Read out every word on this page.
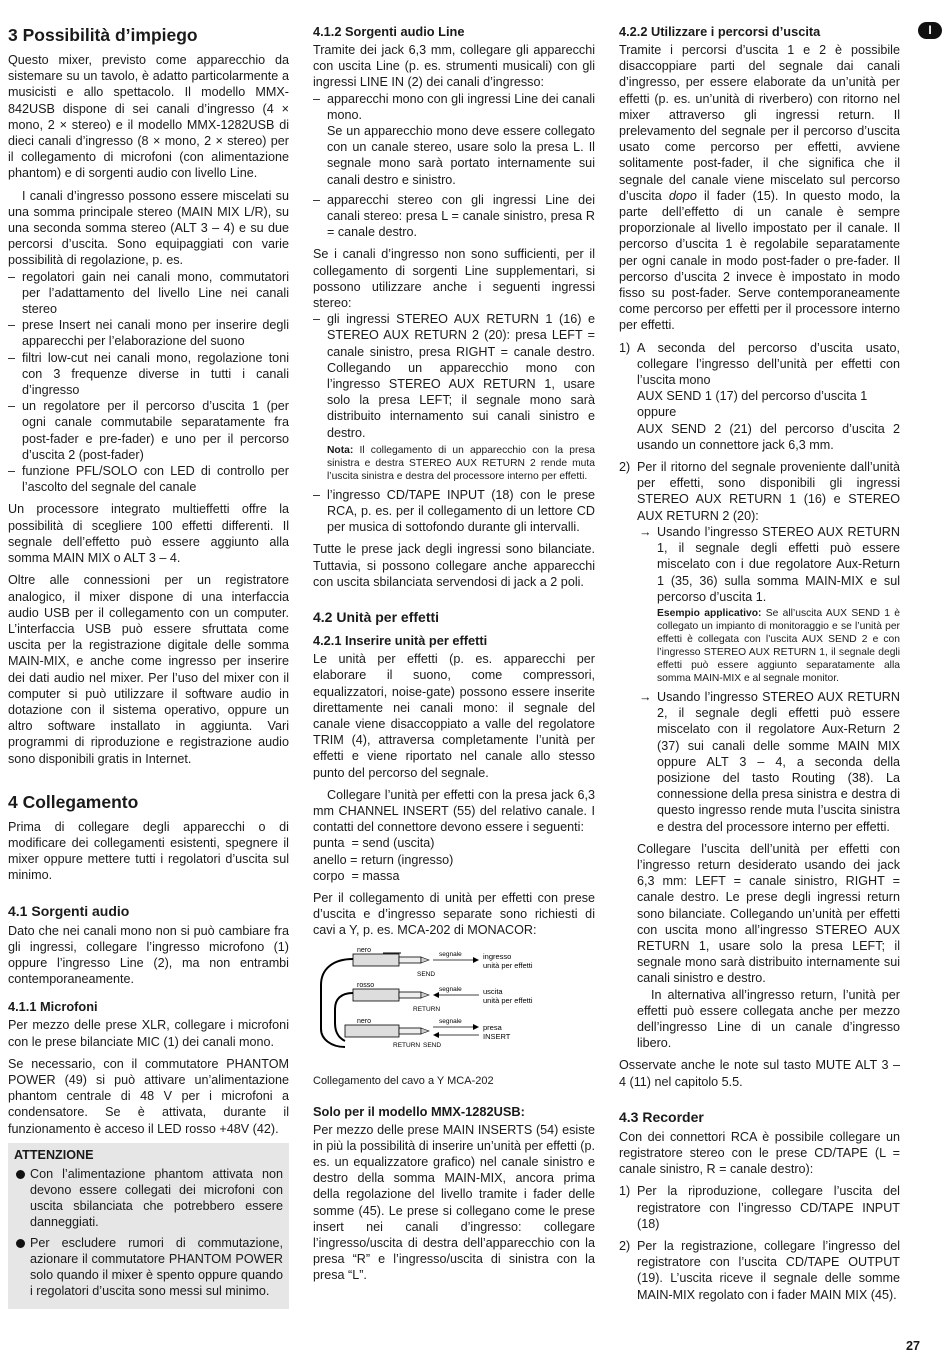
I
3 Possibilità d’impiego

Questo mixer, previsto come apparecchio da sistemare su un tavolo, è adatto particolarmente a musicisti e allo spettacolo. Il modello MMX-842USB dispone di sei canali d’ingresso (4 × mono, 2 × stereo) e il modello MMX-1282USB di dieci canali d’ingresso (8 × mono, 2 × stereo) per il collegamento di microfoni (con alimentazione phantom) e di sorgenti audio con livello Line.

I canali d’ingresso possono essere miscelati su una somma principale stereo (MAIN MIX L/R), su una seconda somma stereo (ALT 3 – 4) e su due percorsi d’uscita. Sono equipaggiati con varie possibilità di regolazione, p. es.

– regolatori gain nei canali mono, commutatori per l’adattamento del livello Line nei canali stereo
– prese Insert nei canali mono per inserire degli apparecchi per l’elaborazione del suono
– filtri low-cut nei canali mono, regolazione toni con 3 frequenze diverse in tutti i canali d’ingresso
– un regolatore per il percorso d’uscita 1 (per ogni canale commutabile separatamente fra post-fader e pre-fader) e uno per il percorso d’uscita 2 (post-fader)
– funzione PFL/SOLO con LED di controllo per l’ascolto del segnale del canale

Un processore integrato multieffetti offre la possibilità di scegliere 100 effetti differenti. Il segnale dell’effetto può essere aggiunto alla somma MAIN MIX o ALT 3 – 4.

Oltre alle connessioni per un registratore analogico, il mixer dispone di una interfaccia audio USB per il collegamento con un computer. L’interfaccia USB può essere sfruttata come uscita per la registrazione digitale delle somma MAIN-MIX, e anche come ingresso per inserire dei dati audio nel mixer. Per l’uso del mixer con il computer si può utilizzare il software audio in dotazione con il sistema operativo, oppure un altro software installato in aggiunta. Vari programmi di riproduzione e registrazione audio sono disponibili gratis in Internet.

4 Collegamento

Prima di collegare degli apparecchi o di modificare dei collegamenti esistenti, spegnere il mixer oppure mettere tutti i regolatori d’uscita sul minimo.

4.1 Sorgenti audio

Dato che nei canali mono non si può cambiare fra gli ingressi, collegare l’ingresso microfono (1) oppure l’ingresso Line (2), ma non entrambi contemporaneamente.

4.1.1 Microfoni

Per mezzo delle prese XLR, collegare i microfoni con le prese bilanciate MIC (1) dei canali mono.

Se necessario, con il commutatore PHANTOM POWER (49) si può attivare un’alimentazione phantom centrale di 48 V per i microfoni a condensatore. Se è attivata, durante il funzionamento è acceso il LED rosso +48V (42).

ATTENZIONE
Con l’alimentazione phantom attivata non devono essere collegati dei microfoni con uscita sbilanciata che potrebbero essere danneggiati.
Per escludere rumori di commutazione, azionare il commutatore PHANTOM POWER solo quando il mixer è spento oppure quando i regolatori d’uscita sono messi sul minimo.
4.1.2 Sorgenti audio Line

Tramite dei jack 6,3 mm, collegare gli apparecchi con uscita Line (p. es. strumenti musicali) con gli ingressi LINE IN (2) dei canali d’ingresso:

– apparecchi mono con gli ingressi Line dei canali mono.
Se un apparecchio mono deve essere collegato con un canale stereo, usare solo la presa L. Il segnale mono sarà portato internamente sui canali destro e sinistro.
– apparecchi stereo con gli ingressi Line dei canali stereo: presa L = canale sinistro, presa R = canale destro.

Se i canali d’ingresso non sono sufficienti, per il collegamento di sorgenti Line supplementari, si possono utilizzare anche i seguenti ingressi stereo:

– gli ingressi STEREO AUX RETURN 1 (16) e STEREO AUX RETURN 2 (20): presa LEFT = canale sinistro, presa RIGHT = canale destro. Collegando un apparecchio mono con l’ingresso STEREO AUX RETURN 1, usare solo la presa LEFT; il segnale mono sarà distribuito internamento sui canali sinistro e destro.
Nota: Il collegamento di un apparecchio con la presa sinistra e destra STEREO AUX RETURN 2 rende muta l’uscita sinistra e destra del processore interno per effetti.
– l’ingresso CD/TAPE INPUT (18) con le prese RCA, p. es. per il collegamento di un lettore CD per musica di sottofondo durante gli intervalli.

Tutte le prese jack degli ingressi sono bilanciate. Tuttavia, si possono collegare anche apparecchi con uscita sbilanciata servendosi di jack a 2 poli.

4.2 Unità per effetti
4.2.1 Inserire unità per effetti

Le unità per effetti (p. es. apparecchi per elaborare il suono, come compressori, equalizzatori, noise-gate) possono essere inserite direttamente nei canali mono: il segnale del canale viene disaccoppiato a valle del regolatore TRIM (4), attraversa completamente l’unità per effetti e viene riportato nel canale allo stesso punto del percorso del segnale.

Collegare l’unità per effetti con la presa jack 6,3 mm CHANNEL INSERT (55) del relativo canale. I contatti del connettore devono essere i seguenti:

punta  = send (uscita)
anello = return (ingresso)
corpo  = massa

Per il collegamento di unità per effetti con prese d’uscita e d’ingresso separate sono richiesti di cavi a Y, p. es. MCA-202 di MONACOR:

nero
SEND
segnale	ingresso
unità per effetti
rosso
RETURN
segnale	uscita
unità per effetti
nero
RETURN SEND
segnale
presa
INSERT
Collegamento del cavo a Y MCA-202
Solo per il modello MMX-1282USB:

Per mezzo delle prese MAIN INSERTS (54) esiste in più la possibilità di inserire un’unità per effetti (p. es. un equalizzatore grafico) nel canale sinistro e destro della somma MAIN-MIX, ancora prima della regolazione del livello tramite i fader delle somme (45). Le prese si collegano come le prese insert nei canali d’ingresso: collegare l’ingresso/uscita di destra dell’apparecchio con la presa “R” e l’ingresso/uscita di sinistra con la presa “L”.

4.2.2 Utilizzare i percorsi d’uscita

Tramite i percorsi d’uscita 1 e 2 è possibile disaccoppiare parti del segnale dai canali d’ingresso, per essere elaborate da un’unità per effetti (p. es. un’unità di riverbero) con ritorno nel mixer attraverso gli ingressi return. Il prelevamento del segnale per il percorso d’uscita usato come percorso per effetti, avviene solitamente post-fader, il che significa che il segnale del canale viene miscelato sul percorso d’uscita dopo il fader (15). In questo modo, la parte dell’effetto di un canale è sempre proporzionale al livello impostato per il canale. Il percorso d’uscita 1 è regolabile separatamente per ogni canale in modo post-fader o pre-fader. Il percorso d’uscita 2 invece è impostato in modo fisso su post-fader. Serve contemporaneamente come percorso per effetti per il processore interno per effetti.

1) A seconda del percorso d’uscita usato, collegare l’ingresso dell’unità per effetti con l’uscita mono
AUX SEND 1 (17) del percorso d’uscita 1
oppure
AUX SEND 2 (21) del percorso d’uscita 2 usando un connettore jack 6,3 mm.
2) Per il ritorno del segnale proveniente dall’unità per effetti, sono disponibili gli ingressi STEREO AUX RETURN 1 (16) e STEREO AUX RETURN 2 (20):
→ Usando l’ingresso STEREO AUX RETURN 1, il segnale degli effetti può essere miscelato con i due regolatore Aux-Return 1 (35, 36) sulla somma MAIN-MIX e sul percorso d’uscita 1.
Esempio applicativo: Se all’uscita AUX SEND 1 è collegato un impianto di monitoraggio e se l’unità per effetti è collegata con l’uscita AUX SEND 2 e con l’ingresso STEREO AUX RETURN 1, il segnale degli effetti può essere aggiunto separatamente alla somma MAIN-MIX e al segnale monitor.
→ Usando l’ingresso STEREO AUX RETURN 2, il segnale degli effetti può essere miscelato con il regolatore Aux-Return 2 (37) sui canali delle somme MAIN MIX oppure ALT 3 – 4, a seconda della posizione del tasto Routing (38). La connessione della presa sinistra e destra di questo ingresso rende muta l’uscita sinistra e destra del processore interno per effetti.

Collegare l’uscita dell’unità per effetti con l’ingresso return desiderato usando dei jack 6,3 mm: LEFT = canale sinistro, RIGHT = canale destro. Le prese degli ingressi return sono bilanciate. Collegando un’unità per effetti con uscita mono all’ingresso STEREO AUX RETURN 1, usare solo la presa LEFT; il segnale mono sarà distribuito internamente sui canali sinistro e destro.

In alternativa all’ingresso return, l’unità per effetti può essere collegata anche per mezzo dell’ingresso Line di un canale d’ingresso libero.

Osservate anche le note sul tasto MUTE ALT 3 – 4 (11) nel capitolo 5.5.

4.3 Recorder

Con dei connettori RCA è possibile collegare un registratore stereo con le prese CD/TAPE (L = canale sinistro, R = canale destro):

1) Per la riproduzione, collegare l’uscita del registratore con l’ingresso CD/TAPE INPUT (18)
2) Per la registrazione, collegare l’ingresso del registratore con l’uscita CD/TAPE OUTPUT (19). L’uscita riceve il segnale delle somme MAIN-MIX regolato con i fader MAIN MIX (45).
27
